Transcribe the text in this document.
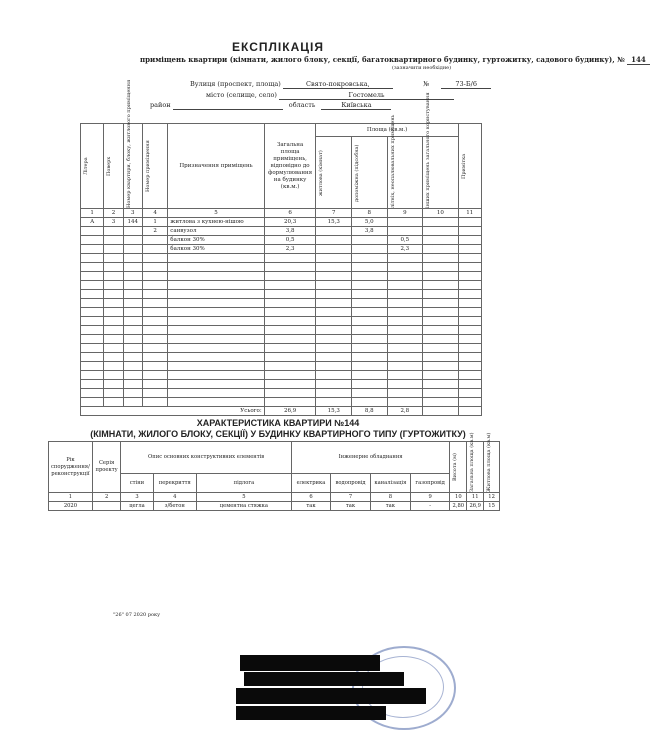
ЕКСПЛІКАЦІЯ
приміщень квартири (кімнати, жилого блоку, секції, багатоквартирного будинку, гуртожитку, садового будинку), № 144
(зазначити необхідне)
Вулиця (проспект, площа)	Свято-покровська,	№	73-Б/6
місто (селище, село)	Гостомель
район	область	Київська
Літера	Поверх	Номер квартири, блоку, житлового приміщення	Номер приміщення	Призначення приміщень	Загальна площа приміщень, відповідно до формулювання на будинку (кв.м.)	Площа (кв.м.)				Примітка

						житлова (кімнат)	допоміжна (підсобна)	літніх, неопалювальних приміщень	інших приміщень загального користування	

1	2	3	4	5	6	7	8	9	10	11
А	3	144	1	житлова з кухнею-нішою	20,3	15,3	5,0			
			2	санвузол	3,8		3,8			
				балкон 30%	0,5			0,5		
				балкон 30%	2,3			2,3		

Усього:					26,9	15,3	8,8	2,8		
ХАРАКТЕРИСТИКА КВАРТИРИ №144
(КІМНАТИ, ЖИЛОГО БЛОКУ, СЕКЦІЇ) У БУДИНКУ КВАРТИРНОГО ТИПУ (ГУРТОЖИТКУ)
Рік спорудження/реконструкції	Серія проекту	Опис основних конструктивних елементів			Інженерне обладнання				Висота (м)	Загальна площа (кв.м)	Житлова площа (кв.м)

		стіни	перекриття	підлога	електрика	водопровід	каналізація	газопровід			
1	2	3	4	5	6	7	8	9	10	11	12
2020		цегла	з/бетон	цементна стяжка	так	так	так	-	2,80	26,9	15
"26" 07 2020 року
